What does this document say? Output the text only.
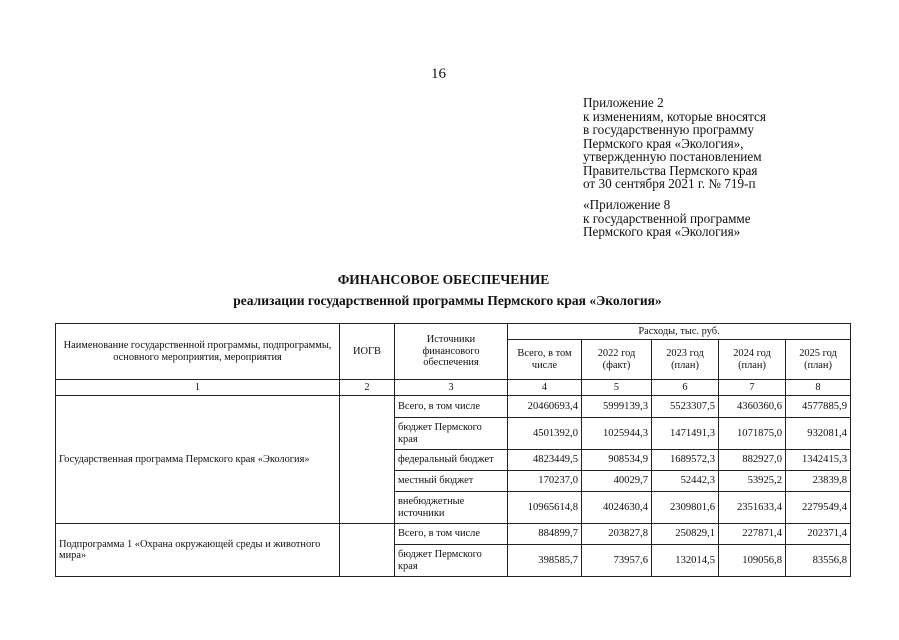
16
Приложение 2
к изменениям, которые вносятся
в государственную программу
Пермского края «Экология»,
утвержденную постановлением
Правительства Пермского края
от 30 сентября 2021 г. № 719-п
«Приложение 8
к государственной программе
Пермского края «Экология»
ФИНАНСОВОЕ ОБЕСПЕЧЕНИЕ
реализации государственной программы Пермского края «Экология»
Наименование государственной программы, подпрограммы, основного мероприятия, мероприятия	ИОГВ	Источники финансового обеспечения	Расходы, тыс. руб.				
			Всего, в том числе	2022 год (факт)	2023 год (план)	2024 год (план)	2025 год (план)
1	2	3	4	5	6	7	8
Государственная программа Пермского края «Экология»		Всего, в том числе	20460693,4	5999139,3	5523307,5	4360360,6	4577885,9
		бюджет Пермского края	4501392,0	1025944,3	1471491,3	1071875,0	932081,4
		федеральный бюджет	4823449,5	908534,9	1689572,3	882927,0	1342415,3
		местный бюджет	170237,0	40029,7	52442,3	53925,2	23839,8
		внебюджетные источники	10965614,8	4024630,4	2309801,6	2351633,4	2279549,4
Подпрограмма 1 «Охрана окружающей среды и животного мира»		Всего, в том числе	884899,7	203827,8	250829,1	227871,4	202371,4
		бюджет Пермского края	398585,7	73957,6	132014,5	109056,8	83556,8
